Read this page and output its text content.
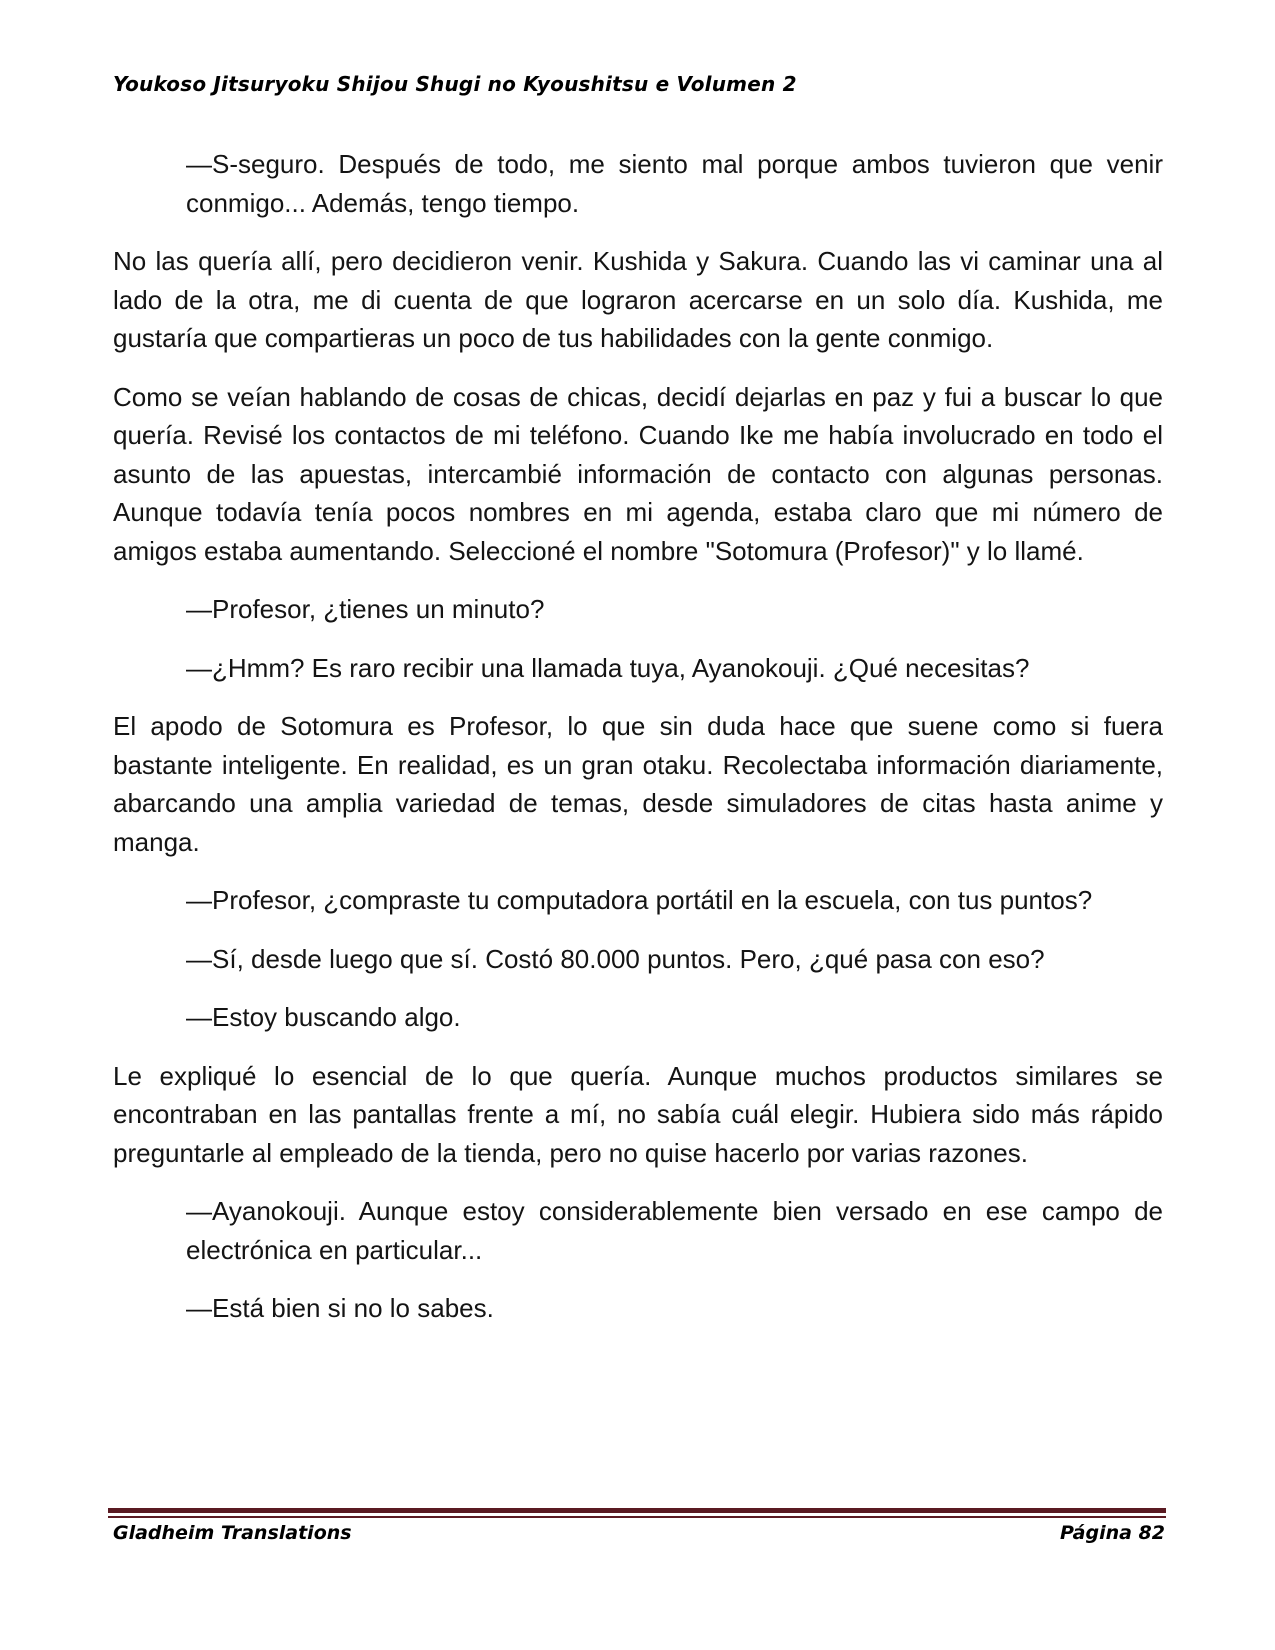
Youkoso Jitsuryoku Shijou Shugi no Kyoushitsu e Volumen 2

—S-seguro. Después de todo, me siento mal porque ambos tuvieron que venir conmigo... Además, tengo tiempo.

No las quería allí, pero decidieron venir. Kushida y Sakura. Cuando las vi caminar una al lado de la otra, me di cuenta de que lograron acercarse en un solo día. Kushida, me gustaría que compartieras un poco de tus habilidades con la gente conmigo.

Como se veían hablando de cosas de chicas, decidí dejarlas en paz y fui a buscar lo que quería. Revisé los contactos de mi teléfono. Cuando Ike me había involucrado en todo el asunto de las apuestas, intercambié información de contacto con algunas personas. Aunque todavía tenía pocos nombres en mi agenda, estaba claro que mi número de amigos estaba aumentando. Seleccioné el nombre "Sotomura (Profesor)" y lo llamé.

—Profesor, ¿tienes un minuto?

—¿Hmm? Es raro recibir una llamada tuya, Ayanokouji. ¿Qué necesitas?

El apodo de Sotomura es Profesor, lo que sin duda hace que suene como si fuera bastante inteligente. En realidad, es un gran otaku. Recolectaba información diariamente, abarcando una amplia variedad de temas, desde simuladores de citas hasta anime y manga.

—Profesor, ¿compraste tu computadora portátil en la escuela, con tus puntos?

—Sí, desde luego que sí. Costó 80.000 puntos. Pero, ¿qué pasa con eso?

—Estoy buscando algo.

Le expliqué lo esencial de lo que quería. Aunque muchos productos similares se encontraban en las pantallas frente a mí, no sabía cuál elegir. Hubiera sido más rápido preguntarle al empleado de la tienda, pero no quise hacerlo por varias razones.

—Ayanokouji. Aunque estoy considerablemente bien versado en ese campo de electrónica en particular...

—Está bien si no lo sabes.

Gladheim Translations	Página 82
